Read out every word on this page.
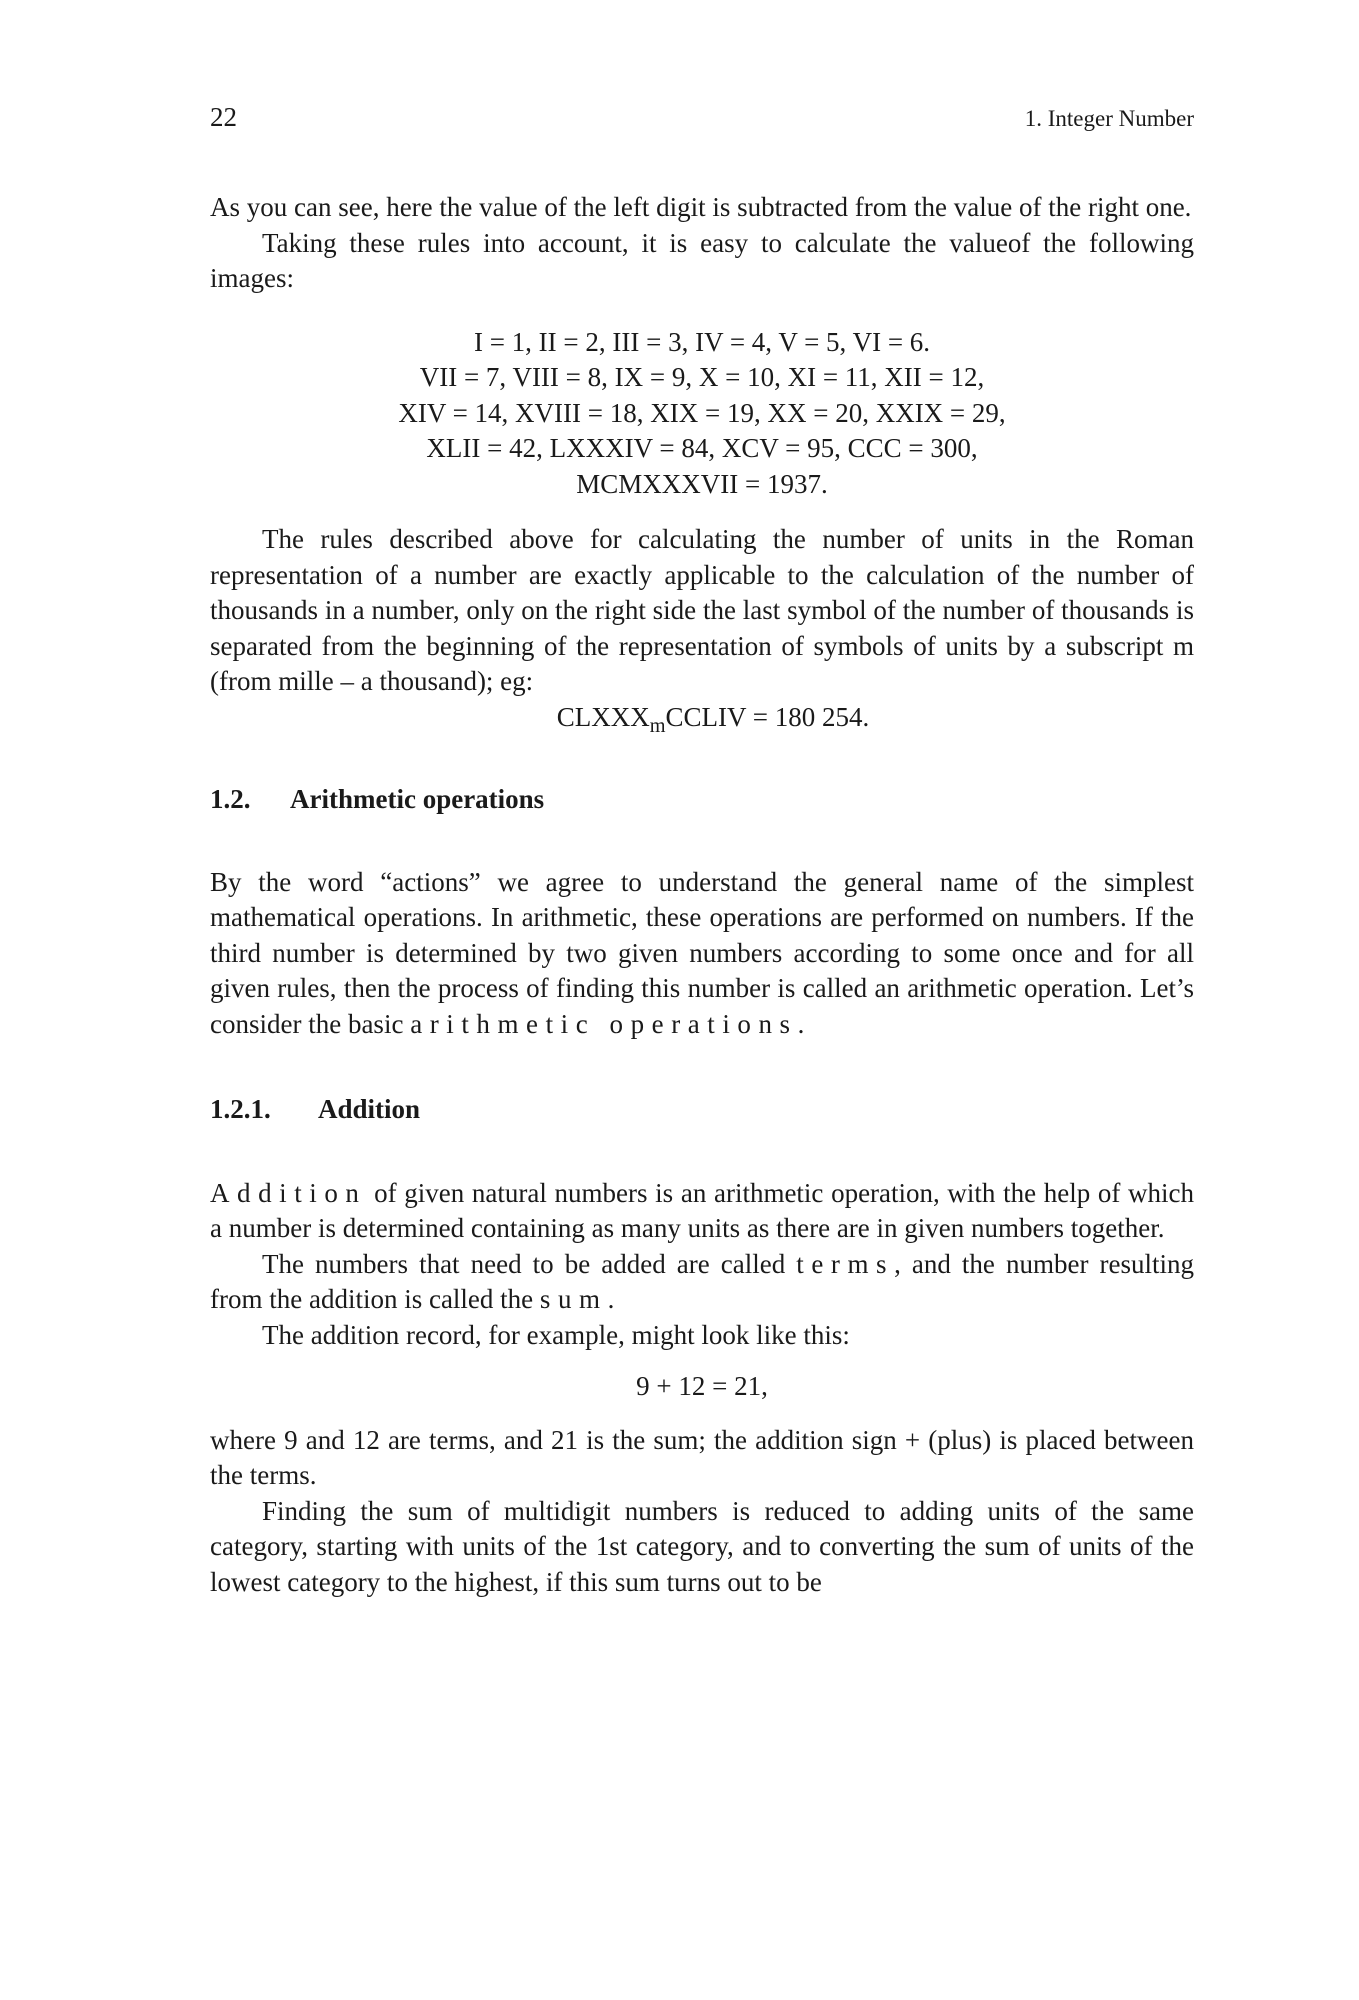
22	1. Integer Number

As you can see, here the value of the left digit is subtracted from the value of the right one.

Taking these rules into account, it is easy to calculate the valueof the following images:

I = 1, II = 2, III = 3, IV = 4, V = 5, VI = 6.

VII = 7, VIII = 8, IX = 9, X = 10, XI = 11, XII = 12,

XIV = 14, XVIII = 18, XIX = 19, XX = 20, XXIX = 29,

XLII = 42, LXXXIV = 84, XCV = 95, CCC = 300,

MCMXXXVII = 1937.

The rules described above for calculating the number of units in the Roman representation of a number are exactly applicable to the calculation of the number of thousands in a number, only on the right side the last symbol of the number of thousands is separated from the beginning of the representation of symbols of units by a subscript m (from mille – a thousand); eg:

$CLXXX_mCCLIV = 180$ 254.

1.2. Arithmetic operations

By the word “actions” we agree to understand the general name of the simplest mathematical operations. In arithmetic, these operations are performed on numbers. If the third number is determined by two given numbers according to some once and for all given rules, then the process of finding this number is called an arithmetic operation. Let’s consider the basic arithmetic operations.

1.2.1. Addition

Addition of given natural numbers is an arithmetic operation, with the help of which a number is determined containing as many units as there are in given numbers together.

The numbers that need to be added are called terms, and the number resulting from the addition is called the sum.

The addition record, for example, might look like this:

9 + 12 = 21,

where 9 and 12 are terms, and 21 is the sum; the addition sign + (plus) is placed between the terms.

Finding the sum of multidigit numbers is reduced to adding units of the same category, starting with units of the 1st category, and to converting the sum of units of the lowest category to the highest, if this sum turns out to be
